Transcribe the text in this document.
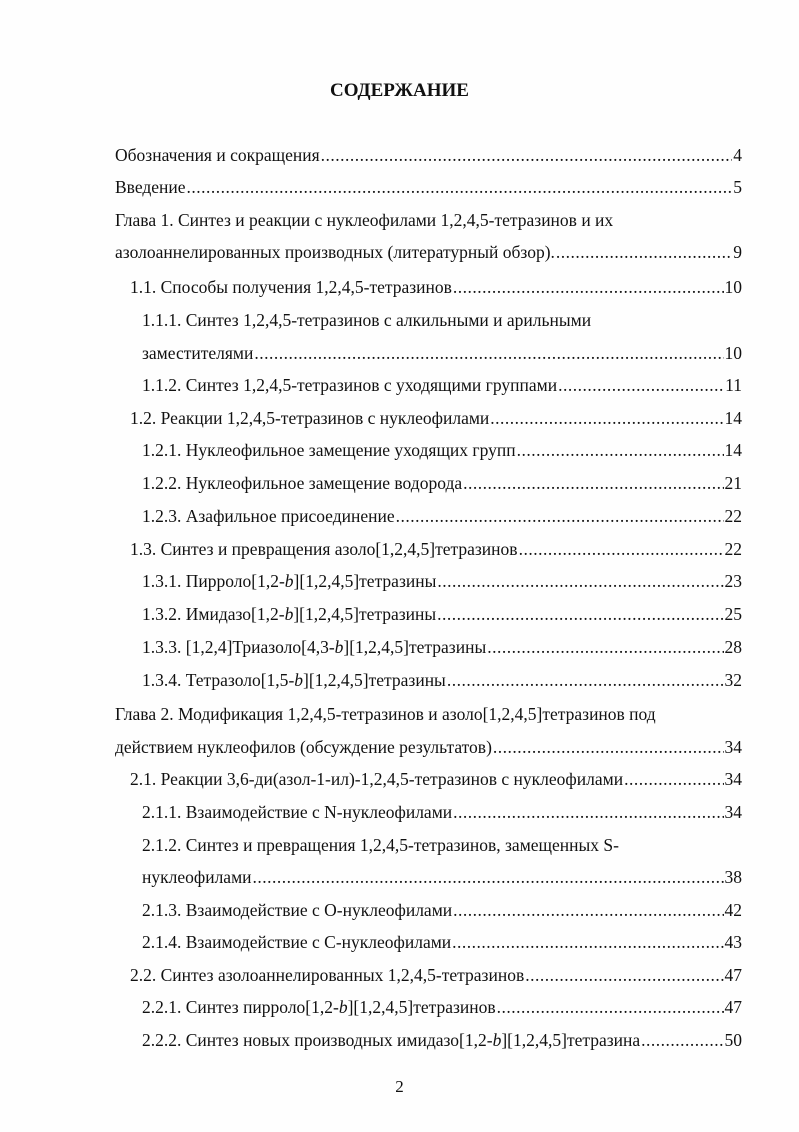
СОДЕРЖАНИЕ
Обозначения и сокращения .....	4
Введение .....	5
Глава 1. Синтез и реакции с нуклеофилами 1,2,4,5-тетразинов и их
азолоаннелированных производных (литературный обзор). .....	9
1.1. Способы получения 1,2,4,5-тетразинов .....	10
1.1.1. Синтез 1,2,4,5-тетразинов с алкильными и арильными
заместителями .....	10
1.1.2. Синтез 1,2,4,5-тетразинов с уходящими группами .....	11
1.2. Реакции 1,2,4,5-тетразинов с нуклеофилами .....	14
1.2.1. Нуклеофильное замещение уходящих групп .....	14
1.2.2. Нуклеофильное замещение водорода .....	21
1.2.3. Азафильное присоединение .....	22
1.3. Синтез и превращения азоло[1,2,4,5]тетразинов .....	22
1.3.1. Пирроло[1,2-b][1,2,4,5]тетразины .....	23
1.3.2. Имидазо[1,2-b][1,2,4,5]тетразины .....	25
1.3.3. [1,2,4]Триазоло[4,3-b][1,2,4,5]тетразины .....	28
1.3.4. Тетразоло[1,5-b][1,2,4,5]тетразины .....	32
Глава 2. Модификация 1,2,4,5-тетразинов и азоло[1,2,4,5]тетразинов под
действием нуклеофилов (обсуждение результатов) .....	34
2.1. Реакции 3,6-ди(азол-1-ил)-1,2,4,5-тетразинов с нуклеофилами .....	34
2.1.1. Взаимодействие с N-нуклеофилами .....	34
2.1.2. Синтез и превращения 1,2,4,5-тетразинов, замещенных S-
нуклеофилами .....	38
2.1.3. Взаимодействие с O-нуклеофилами .....	42
2.1.4. Взаимодействие с C-нуклеофилами .....	43
2.2. Синтез азолоаннелированных 1,2,4,5-тетразинов .....	47
2.2.1. Синтез пирроло[1,2-b][1,2,4,5]тетразинов .....	47
2.2.2. Синтез новых производных имидазо[1,2-b][1,2,4,5]тетразина .....	50
2
